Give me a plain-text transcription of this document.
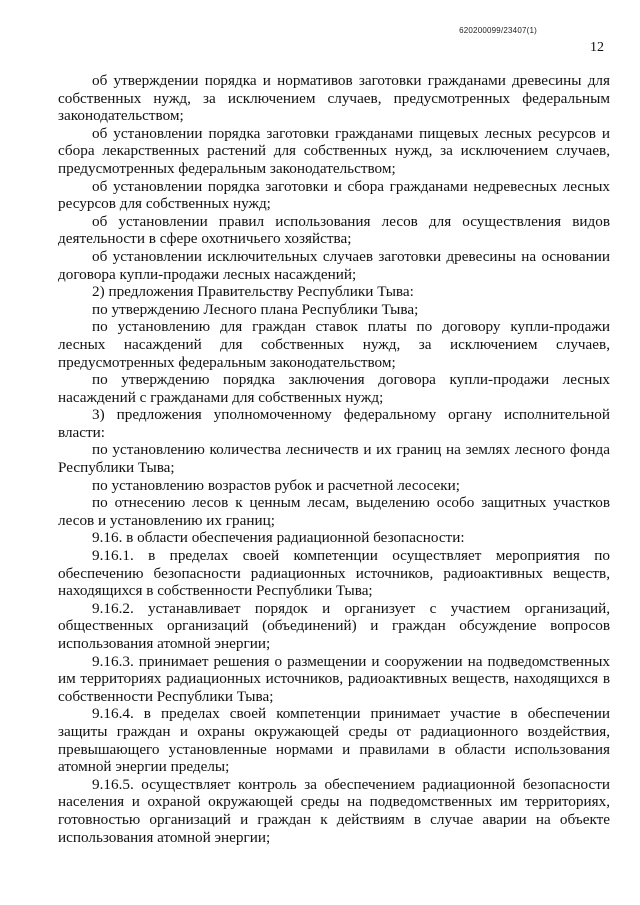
620200099/23407(1)
12

об утверждении порядка и нормативов заготовки гражданами древесины для собственных нужд, за исключением случаев, предусмотренных федеральным законодательством;

об установлении порядка заготовки гражданами пищевых лесных ресурсов и сбора лекарственных растений для собственных нужд, за исключением случаев, предусмотренных федеральным законодательством;

об установлении порядка заготовки и сбора гражданами недревесных лесных ресурсов для собственных нужд;

об установлении правил использования лесов для осуществления видов деятельности в сфере охотничьего хозяйства;

об установлении исключительных случаев заготовки древесины на основании договора купли-продажи лесных насаждений;

2) предложения Правительству Республики Тыва:

по утверждению Лесного плана Республики Тыва;

по установлению для граждан ставок платы по договору купли-продажи лесных насаждений для собственных нужд, за исключением случаев, предусмотренных федеральным законодательством;

по утверждению порядка заключения договора купли-продажи лесных насаждений с гражданами для собственных нужд;

3) предложения уполномоченному федеральному органу исполнительной власти:

по установлению количества лесничеств и их границ на землях лесного фонда Республики Тыва;

по установлению возрастов рубок и расчетной лесосеки;

по отнесению лесов к ценным лесам, выделению особо защитных участков лесов и установлению их границ;

9.16. в области обеспечения радиационной безопасности:

9.16.1. в пределах своей компетенции осуществляет мероприятия по обеспечению безопасности радиационных источников, радиоактивных веществ, находящихся в собственности Республики Тыва;

9.16.2. устанавливает порядок и организует с участием организаций, общественных организаций (объединений) и граждан обсуждение вопросов использования атомной энергии;

9.16.3. принимает решения о размещении и сооружении на подведомственных им территориях радиационных источников, радиоактивных веществ, находящихся в собственности Республики Тыва;

9.16.4. в пределах своей компетенции принимает участие в обеспечении защиты граждан и охраны окружающей среды от радиационного воздействия, превышающего установленные нормами и правилами в области использования атомной энергии пределы;

9.16.5. осуществляет контроль за обеспечением радиационной безопасности населения и охраной окружающей среды на подведомственных им территориях, готовностью организаций и граждан к действиям в случае аварии на объекте использования атомной энергии;
